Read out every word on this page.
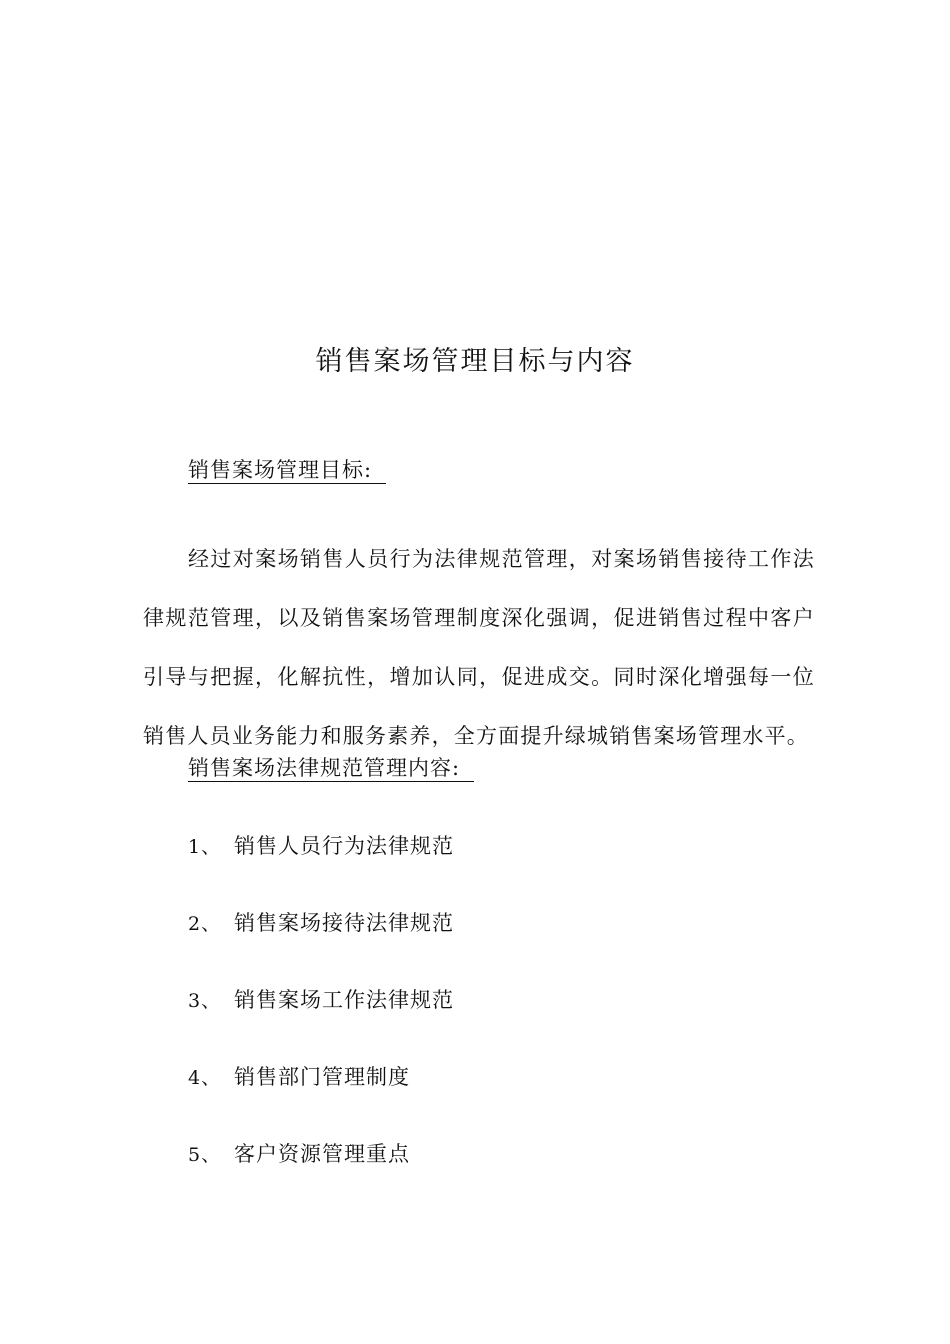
销售案场管理目标与内容
销售案场管理目标:
经过对案场销售人员行为法律规范管理，对案场销售接待工作法律规范管理，以及销售案场管理制度深化强调，促进销售过程中客户引导与把握，化解抗性，增加认同，促进成交。同时深化增强每一位销售人员业务能力和服务素养，全方面提升绿城销售案场管理水平。
销售案场法律规范管理内容:
1、 销售人员行为法律规范
2、 销售案场接待法律规范
3、 销售案场工作法律规范
4、 销售部门管理制度
5、 客户资源管理重点
